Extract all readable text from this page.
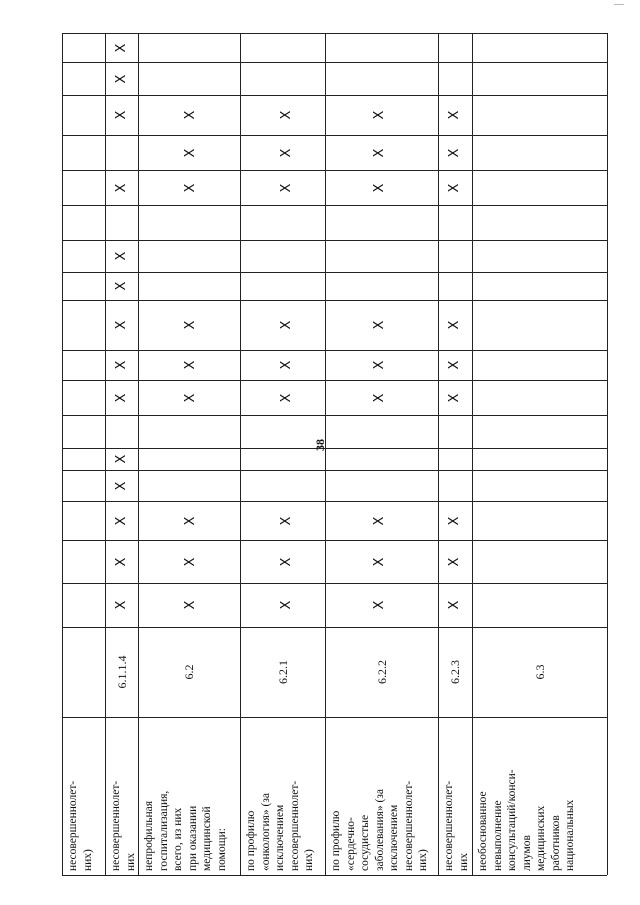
38
несовершеннолет- них) несовершеннолет- них
6.1.1.4
X
X
X
X
X
X
X
X
X
X
X
X
X
X
непрофильная госпитализация, всего, из них при оказании медицинской помощи:
6.2
X
X
X
X
X
X
X
X
X
по профилю «онкология» (за исключением несовершеннолет- них)
6.2.1
X
X
X
X
X
X
X
X
X
по профилю «сердечно- сосудистые заболевания» (за исключением несовершеннолет- них)
6.2.2
X
X
X
X
X
X
X
X
X
несовершеннолет- них
6.2.3
X
X
X
X
X
X
X
X
X
необоснованное невыполнение консультаций/конси- лиумов медицинских работников национальных
6.3
